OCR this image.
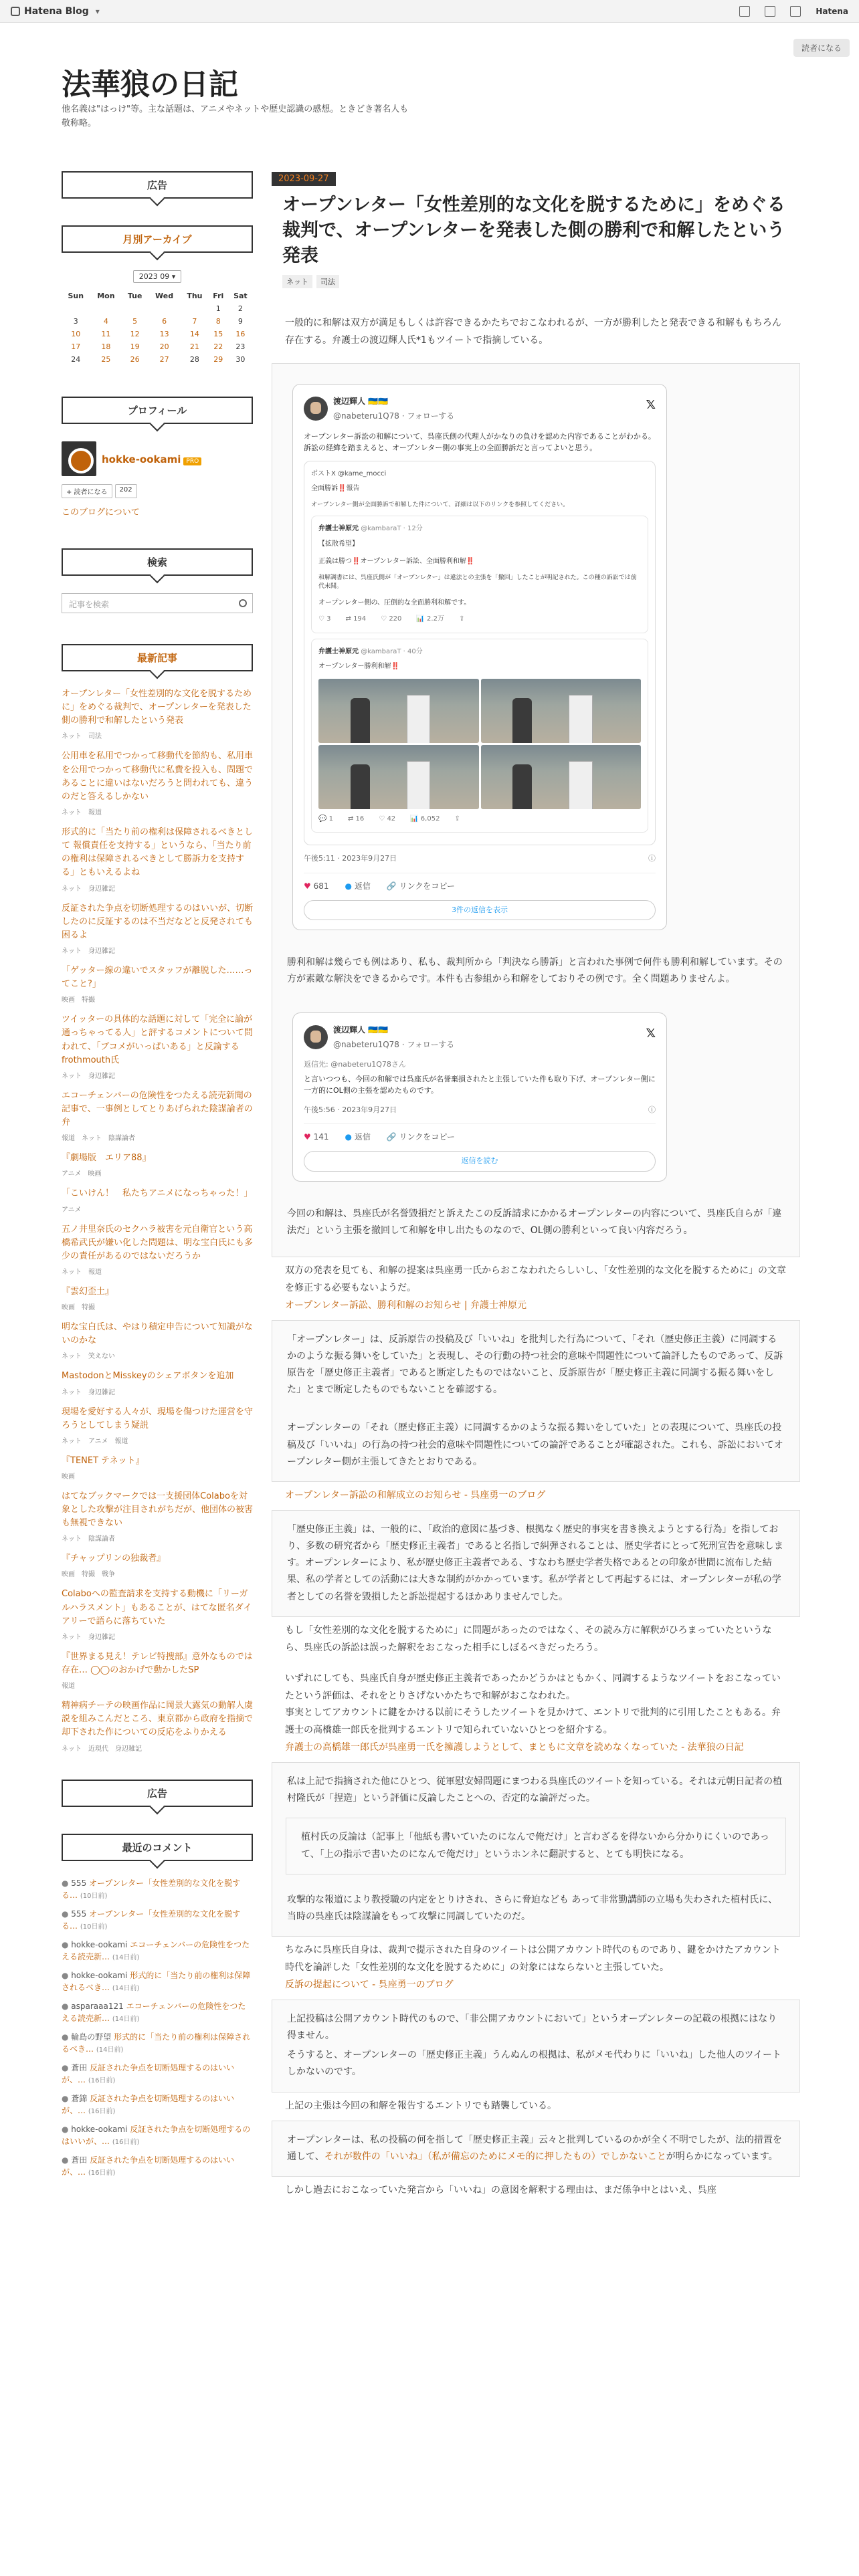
Hatena Blog ▾	Hatena
法華狼の日記
他名義は"はっけ"等。主な話題は、アニメやネットや歴史認識の感想。ときどき著名人も敬称略。
読者になる
広告
月別アーカイブ
2023 09 ▾
Sun	Mon	Tue	Wed	Thu	Fri	Sat
					1	2
3	4	5	6	7	8	9
10	11	12	13	14	15	16
17	18	19	20	21	22	23
24	25	26	27	28	29	30
プロフィール
hokke-ookami PRO
+ 読者になる	202
このブログについて
検索
記事を検索
最新記事
オープンレター「女性差別的な文化を脱するために」をめぐる裁判で、オープンレターを発表した側の勝利で和解したという発表
ネット　司法
公用車を私用でつかって移動代を節約も、私用車を公用でつかって移動代に私費を投入も、問題であることに違いはないだろうと問われても、違うのだと答えるしかない
ネット　報道
形式的に「当たり前の権利は保障されるべきとして 報償責任を支持する」というなら、「当たり前の権利は保障されるべきとして勝訴力を支持する」ともいえるよね
ネット　身辺雑記
反証された争点を切断処理するのはいいが、切断したのに反証するのは不当だなどと反発されても困るよ
ネット　身辺雑記
「ゲッター線の違いでスタッフが離脱した……ってこと?」
映画　特撮
ツイッターの具体的な話題に対して「完全に論が通っちゃってる人」と評するコメントについて問われて、「ブコメがいっぱいある」と反論するfrothmouth氏
ネット　身辺雑記
エコーチェンバーの危険性をつたえる読売新聞の記事で、一事例としてとりあげられた陰謀論者の弁
報道　ネット　陰謀論者
『劇場版　エリア88』
アニメ　映画
「こいけん！　私たちアニメになっちゃった！」
アニメ
五ノ井里奈氏のセクハラ被害を元自衛官という高橋希武氏が嫌い化した問題は、明な宝白氏にも多少の責任があるのではないだろうか
ネット　報道
『雲幻歪土』
映画　特撮
明な宝白氏は、やはり積定申告について知識がないのかな
ネット　笑えない
MastodonとMisskeyのシェアボタンを追加
ネット　身辺雑記
現場を愛好する人々が、現場を傷つけた運営を守ろうとしてしまう疑説
ネット　アニメ　報道
『TENET テネット』
映画
はてなブックマークでは一支援団体Colaboを対象とした攻撃が注目されがちだが、他団体の被害も無視できない
ネット　陰謀論者
『チャップリンの独裁者』
映画　特撮　戦争
Colaboへの監査請求を支持する動機に「リーガルハラスメント」もあることが、はてな匿名ダイアリーで語らに落ちていた
ネット　身辺雑記
『世界まる見え！テレビ特捜部』意外なものでは存在… ◯◯のおかげで動かしたSP
報道
精神病チーテの映画作品に岡景大露気の動解人虞説を組みこんだところ、東京都から政府を指摘で却下された作についての反応をふりかえる
ネット　近現代　身辺雑記
広告
最近のコメント
● 555 オープンレター「女性差別的な文化を脱する… (10日前)
● 555 オープンレター「女性差別的な文化を脱する… (10日前)
● hokke-ookami エコーチェンバーの危険性をつたえる読売新… (14日前)
● hokke-ookami 形式的に「当たり前の権利は保障されるべき… (14日前)
● asparaaa121 エコーチェンバーの危険性をつたえる読売新… (14日前)
● 輪島の野望 形式的に「当たり前の権利は保障されるべき… (14日前)
● 蒼田 反証された争点を切断処理するのはいいが、… (16日前)
● 蒼錦 反証された争点を切断処理するのはいいが、… (16日前)
● hokke-ookami 反証された争点を切断処理するのはいいが、… (16日前)
● 蒼田 反証された争点を切断処理するのはいいが、… (16日前)
2023-09-27
オープンレター「女性差別的な文化を脱するために」をめぐる裁判で、オープンレターを発表した側の勝利で和解したという発表
ネット	司法

一般的に和解は双方が満足もしくは許容できるかたちでおこなわれるが、一方が勝利したと発表できる和解ももちろん存在する。弁護士の渡辺輝人氏*1もツイートで指摘している。

渡辺輝人 🇺🇦🇺🇦
@nabeteru1Q78 · フォローする
𝕏
オープンレター訴訟の和解について、呉座氏側の代理人がかなりの負けを認めた内容であることがわかる。訴訟の経緯を踏まえると、オープンレター側の事実上の全面勝訴だと言ってよいと思う。
ポストX @kame_mocci
全面勝訴‼️報告
オープンレター側が全面勝訴で和解した件について、詳細は以下のリンクを参照してください。
弁護士神原元 @kambaraT · 12分
【拡散希望】
正義は勝つ‼️オープンレター訴訟、全面勝利和解‼️
和解調書には、呉座氏側が「オープンレター」は違法との主張を「撤回」したことが明記された。この種の訴訟では前代未聞。
オープンレター側の、圧倒的な全面勝利和解です。
♡ 3 ⇄ 194 ♡ 220 📊 2.2万 ⇪
弁護士神原元 @kambaraT · 40分
オープンレター勝利和解‼️
💬 1 ⇄ 16 ♡ 42 📊 6,052 ⇪
午後5:11 · 2023年9月27日	ⓘ
♥ 681 ● 返信 🔗 リンクをコピー
3件の返信を表示
勝利和解は幾らでも例はあり、私も、裁判所から「判決なら勝訴」と言われた事例で何件も勝利和解しています。その方が素敵な解決をできるからです。本件も古参組から和解をしておりその例です。全く問題ありませんよ。
渡辺輝人 🇺🇦🇺🇦
@nabeteru1Q78 · フォローする
𝕏
返信先: @nabeteru1Q78さん
と言いつつも、今回の和解では呉座氏が名誉棄損されたと主張していた件も取り下げ、オープンレター側に一方的にOL側の主張を認めたものです。
午後5:56 · 2023年9月27日	ⓘ
♥ 141 ● 返信 🔗 リンクをコピー
返信を読む
今回の和解は、呉座氏が名誉毀損だと訴えたこの反訴請求にかかるオープンレターの内容について、呉座氏自らが「違法だ」という主張を撤回して和解を申し出たものなので、OL側の勝利といって良い内容だろう。

双方の発表を見ても、和解の提案は呉座勇一氏からおこなわれたらしいし、「女性差別的な文化を脱するために」の文章を修正する必要もないようだ。

オープンレター訴訟、勝利和解のお知らせ | 弁護士神原元

「オープンレター」は、反訴原告の投稿及び「いいね」を批判した行為について、「それ（歴史修正主義）に同調するかのような振る舞いをしていた」と表現し、その行動の持つ社会的意味や問題性について論評したものであって、反訴原告を「歴史修正主義者」であると断定したものではないこと、反訴原告が「歴史修正主義に同調する振る舞いをした」とまで断定したものでもないことを確認する。
オープンレターの「それ（歴史修正主義）に同調するかのような振る舞いをしていた」との表現について、呉座氏の投稿及び「いいね」の行為の持つ社会的意味や問題性についての論評であることが確認された。これも、訴訟においてオープンレター側が主張してきたとおりである。

オープンレター訴訟の和解成立のお知らせ - 呉座勇一のブログ

「歴史修正主義」は、一般的に、「政治的意図に基づき、根拠なく歴史的事実を書き換えようとする行為」を指しており、多数の研究者から「歴史修正主義者」であると名指しで糾弾されることは、歴史学者にとって死刑宣告を意味します。オープンレターにより、私が歴史修正主義者である、すなわち歴史学者失格であるとの印象が世間に流布した結果、私の学者としての活動には大きな制約がかかっています。私が学者として再起するには、オープンレターが私の学者としての名誉を毀損したと訴訟提起するほかありませんでした。

もし「女性差別的な文化を脱するために」に問題があったのではなく、その読み方に解釈がひろまっていたというなら、呉座氏の訴訟は誤った解釈をおこなった相手にしぼるべきだったろう。

いずれにしても、呉座氏自身が歴史修正主義者であったかどうかはともかく、同調するようなツイートをおこなっていたという評価は、それをとりさげないかたちで和解がおこなわれた。

事実としてアカウントに鍵をかける以前にそうしたツイートを見かけて、エントリで批判的に引用したこともある。弁護士の高橋雄一郎氏を批判するエントリで知られていないひとつを紹介する。

弁護士の高橋雄一郎氏が呉座勇一氏を擁護しようとして、まともに文章を読めなくなっていた - 法華狼の日記

私は上記で指摘された他にひとつ、従軍慰安婦問題にまつわる呉座氏のツイートを知っている。それは元朝日記者の植村隆氏が「捏造」という評価に反論したことへの、否定的な論評だった。
植村氏の反論は（記事上「他紙も書いていたのになんで俺だけ」と言わざるを得ないから分かりにくいのであって、「上の指示で書いたのになんで俺だけ」というホンネに翻訳すると、とても明快になる。
攻撃的な報道により教授職の内定をとりけされ、さらに脅迫なども あって非常勤講師の立場も失わされた植村氏に、当時の呉座氏は陰謀論をもって攻撃に同調していたのだ。

ちなみに呉座氏自身は、裁判で提示された自身のツイートは公開アカウント時代のものであり、鍵をかけたアカウント時代を論評した「女性差別的な文化を脱するために」の対象にはならないと主張していた。

反訴の提起について - 呉座勇一のブログ

上記投稿は公開アカウント時代のもので、「非公開アカウントにおいて」というオープンレターの記載の根拠にはなり得ません。
そうすると、オープンレターの「歴史修正主義」うんぬんの根拠は、私がメモ代わりに「いいね」した他人のツイートしかないのです。

上記の主張は今回の和解を報告するエントリでも踏襲している。

オープンレターは、私の投稿の何を指して「歴史修正主義」云々と批判しているのかが全く不明でしたが、法的措置を通して、それが数件の「いいね」（私が備忘のためにメモ的に押したもの）でしかないことが明らかになっています。

しかし過去におこなっていた発言から「いいね」の意図を解釈する理由は、まだ係争中とはいえ、呉座
